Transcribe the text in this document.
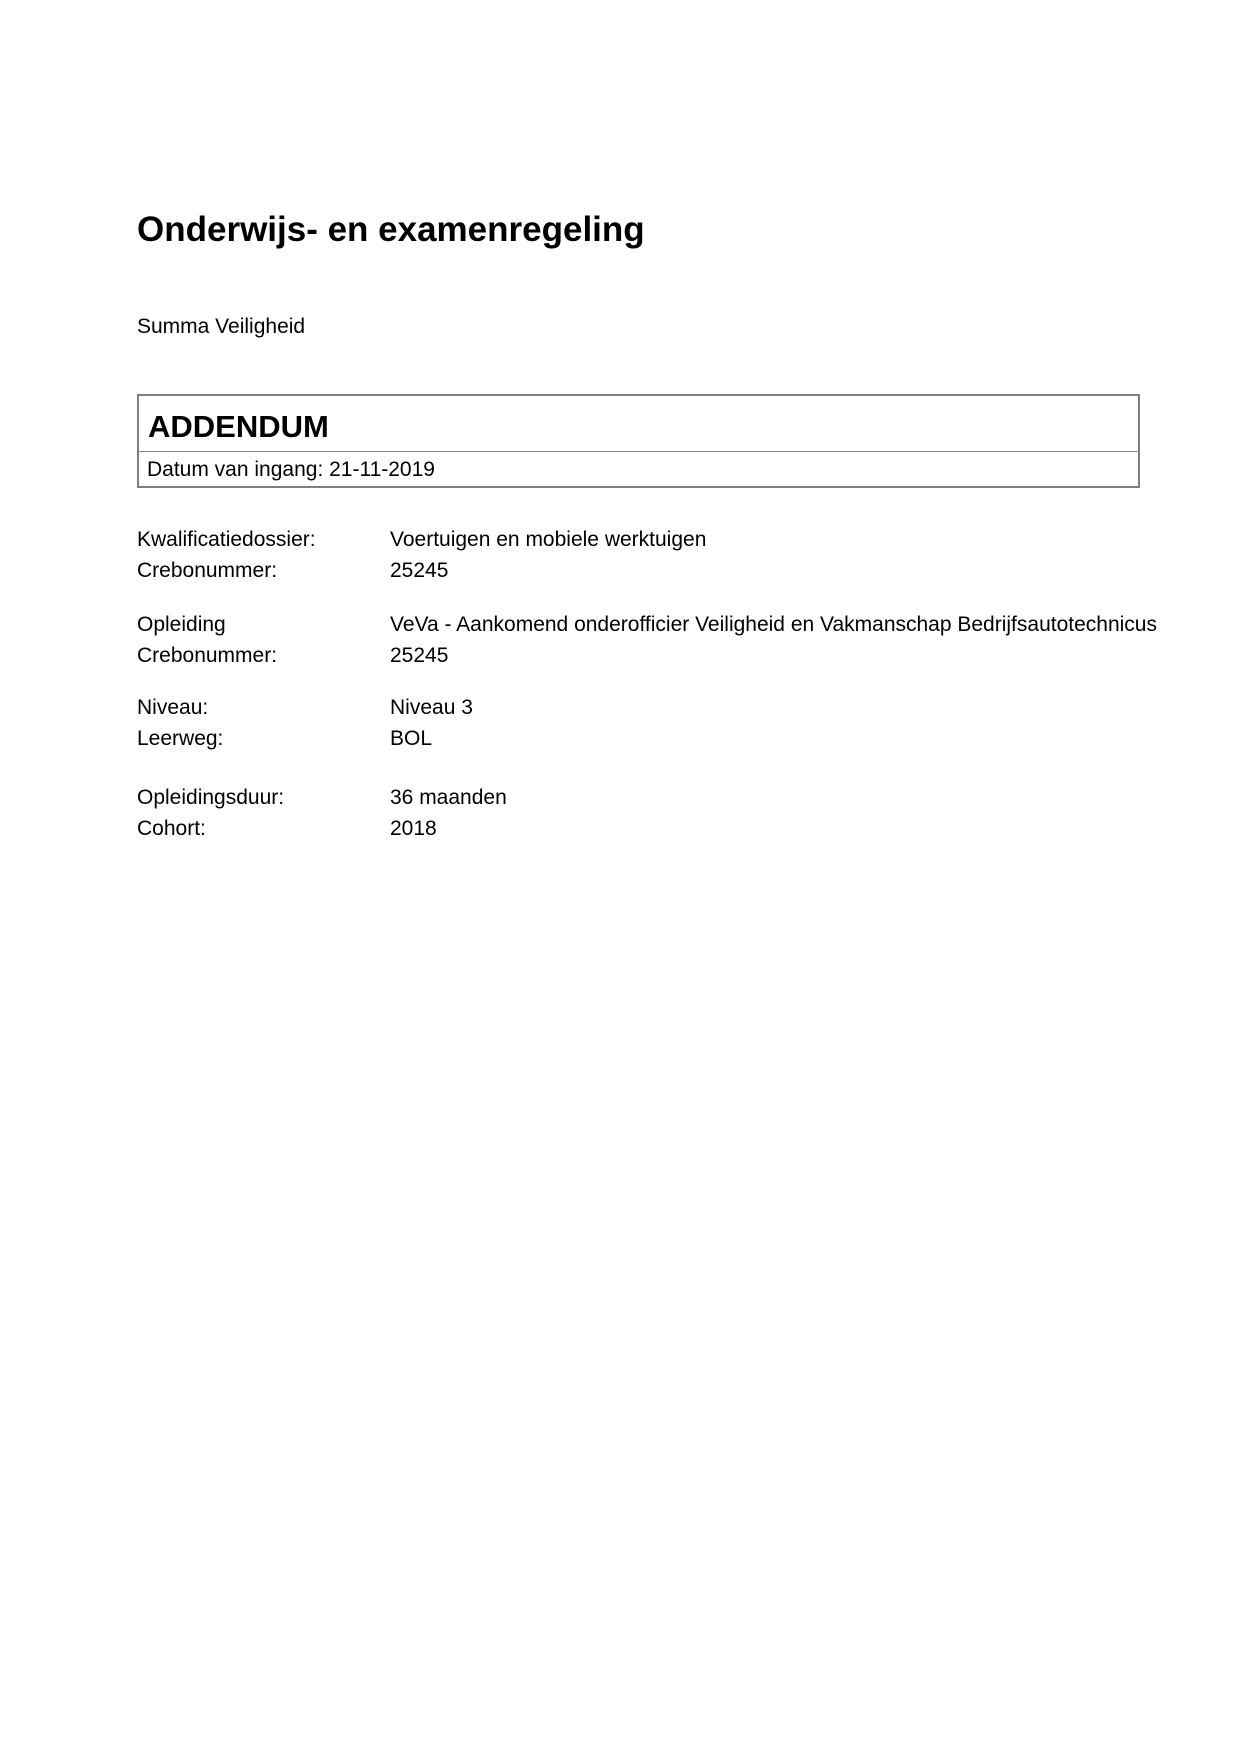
Onderwijs- en examenregeling

Summa Veiligheid

ADDENDUM
Datum van ingang: 21-11-2019
Kwalificatiedossier:	Voertuigen en mobiele werktuigen
Crebonummer:	25245
Opleiding	VeVa - Aankomend onderofficier Veiligheid en Vakmanschap Bedrijfsautotechnicus
Crebonummer:	25245
Niveau:	Niveau 3
Leerweg:	BOL
Opleidingsduur:	36 maanden
Cohort:	2018
